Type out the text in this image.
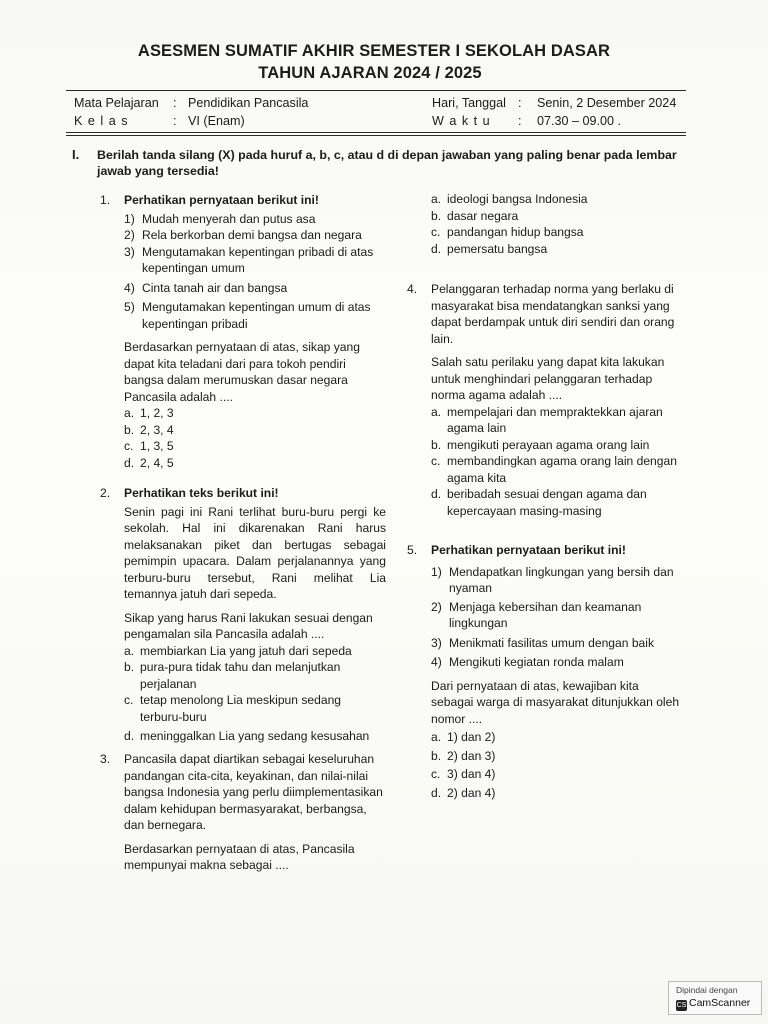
ASESMEN SUMATIF AKHIR SEMESTER I SEKOLAH DASAR
TAHUN AJARAN 2024 / 2025
Mata Pelajaran : Pendidikan Pancasila
K e l a s	: VI (Enam)
Hari, Tanggal : Senin, 2 Desember 2024
W a k t u : 07.30 – 09.00 .
I. Berilah tanda silang (X) pada huruf a, b, c, atau d di depan jawaban yang paling benar pada lembar jawab yang tersedia!
1. Perhatikan pernyataan berikut ini!
1) Mudah menyerah dan putus asa
2) Rela berkorban demi bangsa dan negara
3) Mengutamakan kepentingan pribadi di atas kepentingan umum
4) Cinta tanah air dan bangsa
5) Mengutamakan kepentingan umum di atas kepentingan pribadi
Berdasarkan pernyataan di atas, sikap yang dapat kita teladani dari para tokoh pendiri bangsa dalam merumuskan dasar negara Pancasila adalah ....
a. 1, 2, 3
b. 2, 3, 4
c. 1, 3, 5
d. 2, 4, 5
2. Perhatikan teks berikut ini!
Senin pagi ini Rani terlihat buru-buru pergi ke sekolah. Hal ini dikarenakan Rani harus melaksanakan piket dan bertugas sebagai pemimpin upacara. Dalam perjalanannya yang terburu-buru tersebut, Rani melihat Lia temannya jatuh dari sepeda.
Sikap yang harus Rani lakukan sesuai dengan pengamalan sila Pancasila adalah ....
a. membiarkan Lia yang jatuh dari sepeda
b. pura-pura tidak tahu dan melanjutkan perjalanan
c. tetap menolong Lia meskipun sedang terburu-buru
d. meninggalkan Lia yang sedang kesusahan
3. Pancasila dapat diartikan sebagai keseluruhan pandangan cita-cita, keyakinan, dan nilai-nilai bangsa Indonesia yang perlu diimplementasikan dalam kehidupan bermasyarakat, berbangsa, dan bernegara.
Berdasarkan pernyataan di atas, Pancasila mempunyai makna sebagai ....
a. ideologi bangsa Indonesia
b. dasar negara
c. pandangan hidup bangsa
d. pemersatu bangsa
4. Pelanggaran terhadap norma yang berlaku di masyarakat bisa mendatangkan sanksi yang dapat berdampak untuk diri sendiri dan orang lain.
Salah satu perilaku yang dapat kita lakukan untuk menghindari pelanggaran terhadap norma agama adalah ....
a. mempelajari dan mempraktekkan ajaran agama lain
b. mengikuti perayaan agama orang lain
c. membandingkan agama orang lain dengan agama kita
d. beribadah sesuai dengan agama dan kepercayaan masing-masing
5. Perhatikan pernyataan berikut ini!
1) Mendapatkan lingkungan yang bersih dan nyaman
2) Menjaga kebersihan dan keamanan lingkungan
3) Menikmati fasilitas umum dengan baik
4) Mengikuti kegiatan ronda malam
Dari pernyataan di atas, kewajiban kita sebagai warga di masyarakat ditunjukkan oleh nomor ....
a. 1) dan 2)
b. 2) dan 3)
c. 3) dan 4)
d. 2) dan 4)
Dipindai dengan
CS CamScanner
